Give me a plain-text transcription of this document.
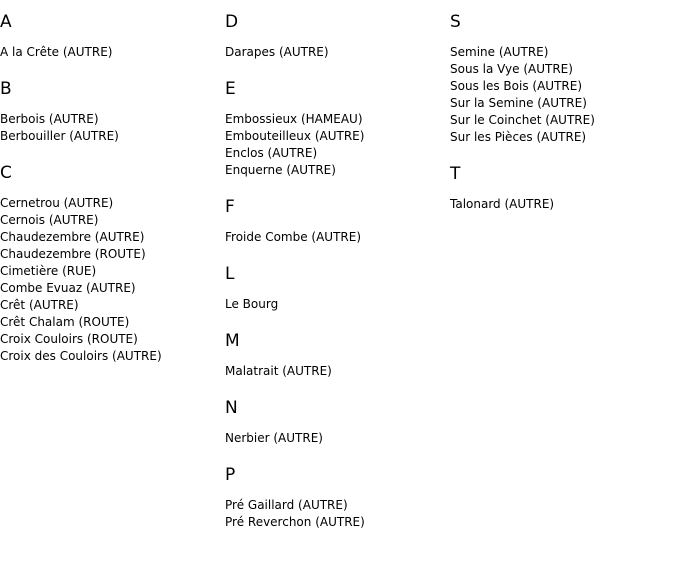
A
A la Crête (AUTRE)
B
Berbois (AUTRE)
Berbouiller (AUTRE)
C
Cernetrou (AUTRE)
Cernois (AUTRE)
Chaudezembre (AUTRE)
Chaudezembre (ROUTE)
Cimetière (RUE)
Combe Evuaz (AUTRE)
Crêt (AUTRE)
Crêt Chalam (ROUTE)
Croix Couloirs (ROUTE)
Croix des Couloirs (AUTRE)
D
Darapes (AUTRE)
E
Embossieux (HAMEAU)
Embouteilleux (AUTRE)
Enclos (AUTRE)
Enquerne (AUTRE)
F
Froide Combe (AUTRE)
L
Le Bourg
M
Malatrait (AUTRE)
N
Nerbier (AUTRE)
P
Pré Gaillard (AUTRE)
Pré Reverchon (AUTRE)
S
Semine (AUTRE)
Sous la Vye (AUTRE)
Sous les Bois (AUTRE)
Sur la Semine (AUTRE)
Sur le Coinchet (AUTRE)
Sur les Pièces (AUTRE)
T
Talonard (AUTRE)
